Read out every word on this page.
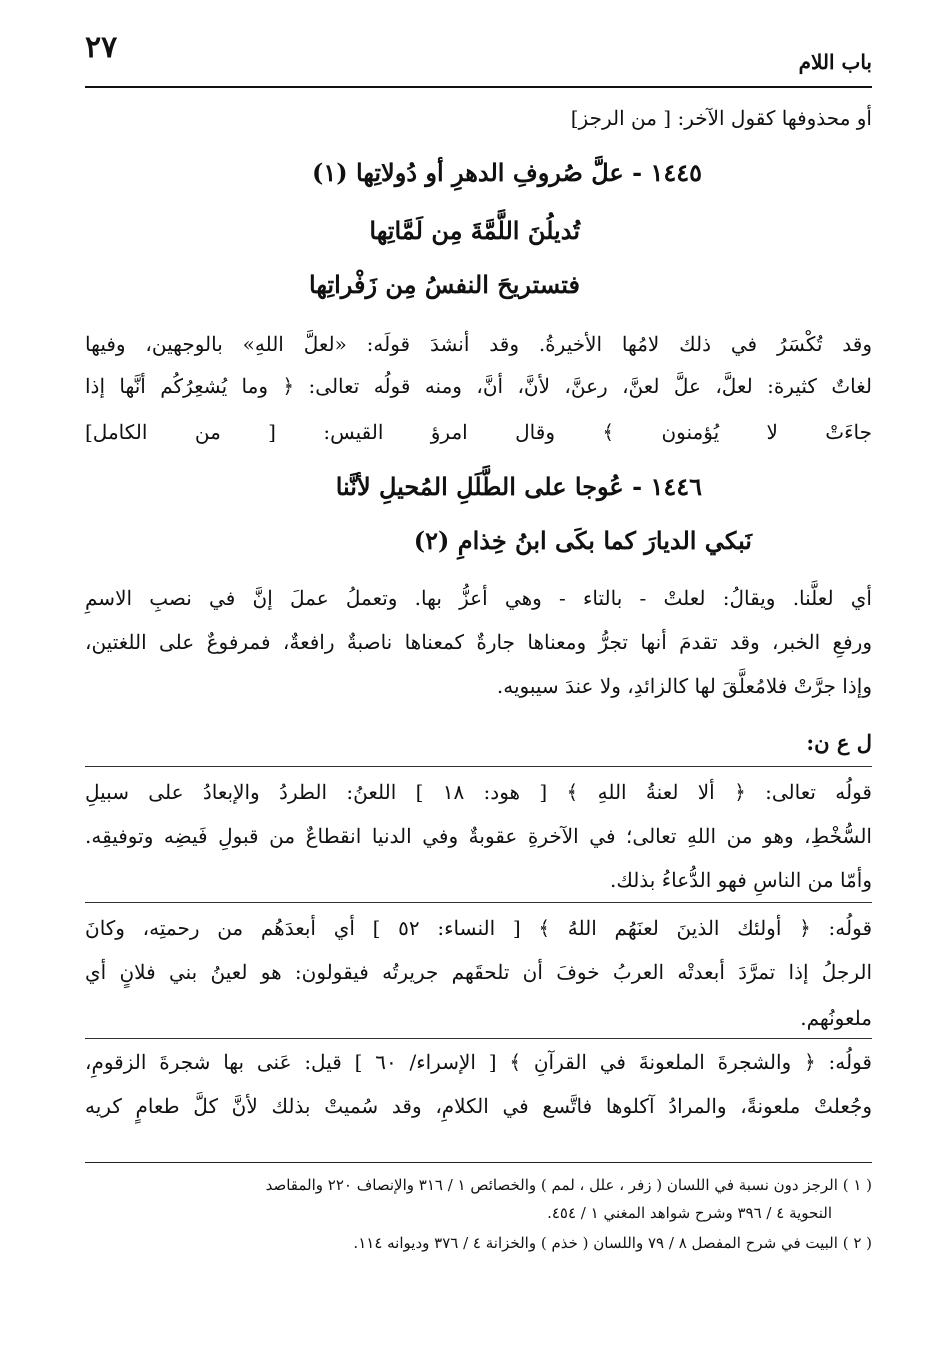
٢٧	باب اللام
أو محذوفها كقول الآخر: [ من الرجز]
١٤٤٥ - علَّ صُروفِ الدهرِ أو دُولاتِها (١)
تُديلُنَ اللَّمَّةَ مِن لَمَّاتِها
فتستريحَ النفسُ مِن زَفْراتِها
وقد تُكْسَرُ في ذلك لامُها الأخيرةُ. وقد أنشدَ قولَه: «لعلَّ اللهِ» بالوجهين، وفيها
لغاتٌ كثيرة: لعلَّ، علَّ لعنَّ، رعنَّ، لأنَّ، أنَّ، ومنه قولُه تعالى: ﴿ وما يُشعِرُكُم أنَّها إذا
جاءَتْ لا يُؤمنون ﴾ وقال امرؤ القيس: [ من الكامل]
١٤٤٦ - عُوجا على الطَّلَلِ المُحيلِ لأنَّنا
نَبكي الديارَ كما بكَى ابنُ خِذامِ (٢)
أي لعلَّنا. ويقالُ: لعلتْ - بالتاء - وهي أعزُّ بها. وتعملُ عملَ إنَّ في نصبِ الاسمِ
ورفعِ الخبر، وقد تقدمَ أنها تجرُّ ومعناها جارةٌ كمعناها ناصبةٌ رافعةٌ، فمرفوعٌ على اللغتين،
وإذا جرَّتْ فلامُعلَّقَ لها كالزائدِ، ولا عندَ سيبويه.
ل ع ن:
قولُه تعالى: ﴿ ألا لعنةُ اللهِ ﴾ [ هود: ١٨ ] اللعنُ: الطردُ والإبعادُ على سبيلِ
السُّخْطِ، وهو من اللهِ تعالى؛ في الآخرةِ عقوبةٌ وفي الدنيا انقطاعٌ من قبولِ فَيضِه وتوفيقِه.
وأمّا من الناسِ فهو الدُّعاءُ بذلك.
قولُه: ﴿ أولئك الذينَ لعنَهُم اللهُ ﴾ [ النساء: ٥٢ ] أي أبعدَهُم من رحمتِه، وكانَ
الرجلُ إذا تمرَّدَ أبعدتْه العربُ خوفَ أن تلحقَهم جريرتُه فيقولون: هو لعينُ بني فلانٍ أي
ملعونُهم.
قولُه: ﴿ والشجرةَ الملعونةَ في القرآنِ ﴾ [ الإسراء/ ٦٠ ] قيل: عَنى بها شجرةَ الزقومِ،
وجُعلتْ ملعونةً، والمرادُ آكلوها فاتَّسع في الكلامِ، وقد سُميتْ بذلك لأنَّ كلَّ طعامٍ كريه
( ١ ) الرجز دون نسبة في اللسان ( زفر ، علل ، لمم ) والخصائص ١ / ٣١٦ والإنصاف ٢٢٠ والمقاصد
النحوية ٤ / ٣٩٦ وشرح شواهد المغني ١ / ٤٥٤.
( ٢ ) البيت في شرح المفصل ٨ / ٧٩ واللسان ( خذم ) والخزانة ٤ / ٣٧٦ وديوانه ١١٤.
